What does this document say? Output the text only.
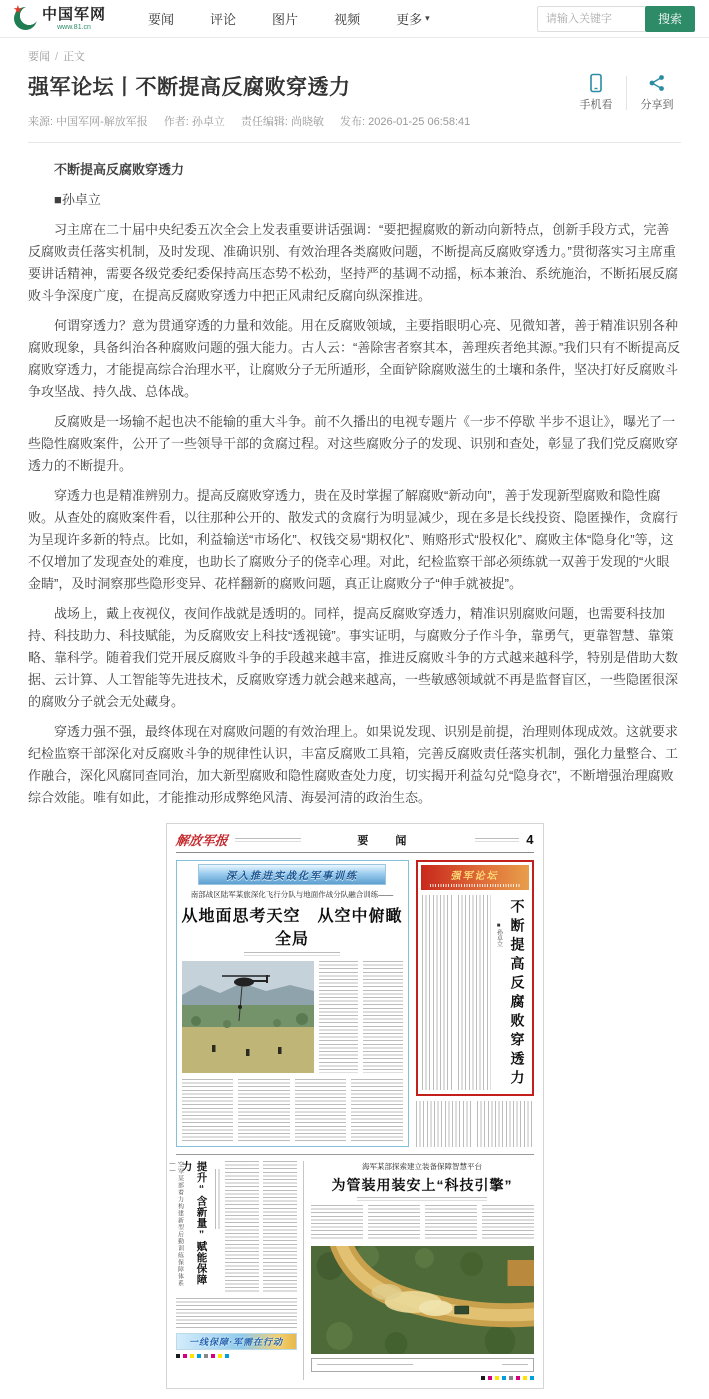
★ 中国军网
www.81.cn	要闻	评论	图片	视频	更多 ▾
请输入关键字	搜索
要闻 / 正文
强军论坛丨不断提高反腐败穿透力
来源: 中国军网-解放军报 作者: 孙卓立 责任编辑: 尚晓敏 发布: 2026-01-25 06:58:41
手机看	分享到

不断提高反腐败穿透力

■孙卓立

习主席在二十届中央纪委五次全会上发表重要讲话强调：“要把握腐败的新动向新特点，创新手段方式，完善反腐败责任落实机制，及时发现、准确识别、有效治理各类腐败问题，不断提高反腐败穿透力。”贯彻落实习主席重要讲话精神，需要各级党委纪委保持高压态势不松劲，坚持严的基调不动摇，标本兼治、系统施治，不断拓展反腐败斗争深度广度，在提高反腐败穿透力中把正风肃纪反腐向纵深推进。

何谓穿透力？意为贯通穿透的力量和效能。用在反腐败领域，主要指眼明心亮、见微知著，善于精准识别各种腐败现象，具备纠治各种腐败问题的强大能力。古人云：“善除害者察其本，善理疾者绝其源。”我们只有不断提高反腐败穿透力，才能提高综合治理水平，让腐败分子无所遁形，全面铲除腐败滋生的土壤和条件，坚决打好反腐败斗争攻坚战、持久战、总体战。

反腐败是一场输不起也决不能输的重大斗争。前不久播出的电视专题片《一步不停歇 半步不退让》，曝光了一些隐性腐败案件，公开了一些领导干部的贪腐过程。对这些腐败分子的发现、识别和查处，彰显了我们党反腐败穿透力的不断提升。

穿透力也是精准辨别力。提高反腐败穿透力，贵在及时掌握了解腐败“新动向”，善于发现新型腐败和隐性腐败。从查处的腐败案件看，以往那种公开的、散发式的贪腐行为明显减少，现在多是长线投资、隐匿操作，贪腐行为呈现许多新的特点。比如，利益输送“市场化”、权钱交易“期权化”、贿赂形式“股权化”、腐败主体“隐身化”等，这不仅增加了发现查处的难度，也助长了腐败分子的侥幸心理。对此，纪检监察干部必须练就一双善于发现的“火眼金睛”，及时洞察那些隐形变异、花样翻新的腐败问题，真正让腐败分子“伸手就被捉”。

战场上，戴上夜视仪，夜间作战就是透明的。同样，提高反腐败穿透力，精准识别腐败问题，也需要科技加持、科技助力、科技赋能，为反腐败安上科技“透视镜”。事实证明，与腐败分子作斗争，靠勇气，更靠智慧、靠策略、靠科学。随着我们党开展反腐败斗争的手段越来越丰富，推进反腐败斗争的方式越来越科学，特别是借助大数据、云计算、人工智能等先进技术，反腐败穿透力就会越来越高，一些敏感领域就不再是监督盲区，一些隐匿很深的腐败分子就会无处藏身。

穿透力强不强，最终体现在对腐败问题的有效治理上。如果说发现、识别是前提，治理则体现成效。这就要求纪检监察干部深化对反腐败斗争的规律性认识，丰富反腐败工具箱，完善反腐败责任落实机制，强化力量整合、工作融合，深化风腐同查同治，加大新型腐败和隐性腐败查处力度，切实揭开利益勾兑“隐身衣”，不断增强治理腐败综合效能。唯有如此，才能推动形成弊绝风清、海晏河清的政治生态。

解放军报	要 闻	4
深入推进实战化军事训练
南部战区陆军某旅深化飞行分队与地面作战分队融合训练——
从地面思考天空　从空中俯瞰全局
强军论坛
■孙卓立 不断提高反腐败穿透力
空军某部着力构建新型后勤训练保障体系——	提升“含新量”赋能保障力
一线保障·军需在行动
海军某部探索建立装备保障智慧平台
为管装用装安上“科技引擎”
